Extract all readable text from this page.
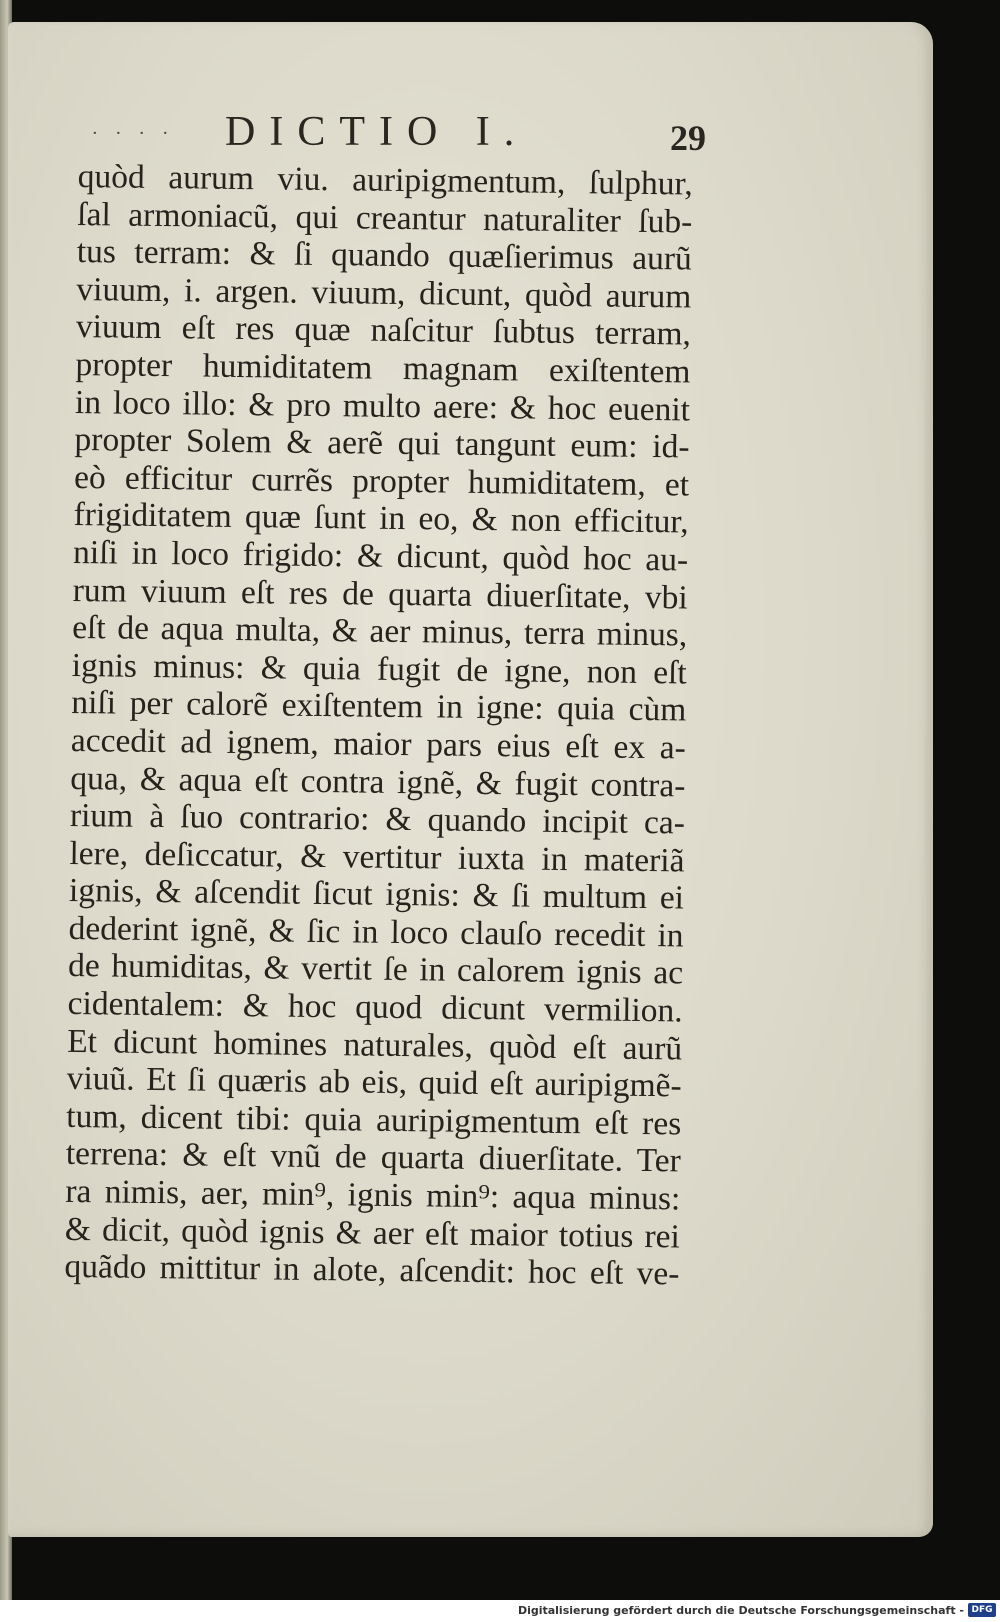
· · · · DICTIO I.	29
quòd aurum viu. auripigmentum, ſulphur,
ſal armoniacũ, qui creantur naturaliter ſub-
tus terram: & ſi quando quæſierimus aurũ
viuum, i. argen. viuum, dicunt, quòd aurum
viuum eſt res quæ naſcitur ſubtus terram,
propter humiditatem magnam exiſtentem
in loco illo: & pro multo aere: & hoc euenit
propter Solem & aerẽ qui tangunt eum: id-
eò efficitur currẽs propter humiditatem, et
frigiditatem quæ ſunt in eo, & non efficitur,
niſi in loco frigido: & dicunt, quòd hoc au-
rum viuum eſt res de quarta diuerſitate, vbi
eſt de aqua multa, & aer minus, terra minus,
ignis minus: & quia fugit de igne, non eſt
niſi per calorẽ exiſtentem in igne: quia cùm
accedit ad ignem, maior pars eius eſt ex a-
qua, & aqua eſt contra ignẽ, & fugit contra-
rium à ſuo contrario: & quando incipit ca-
lere, deſiccatur, & vertitur iuxta in materiã
ignis, & aſcendit ſicut ignis: & ſi multum ei
dederint ignẽ, & ſic in loco clauſo recedit in
de humiditas, & vertit ſe in calorem ignis ac
cidentalem: & hoc quod dicunt vermilion.
Et dicunt homines naturales, quòd eſt aurũ
viuũ. Et ſi quæris ab eis, quid eſt auripigmẽ-
tum, dicent tibi: quia auripigmentum eſt res
terrena: & eſt vnũ de quarta diuerſitate. Ter
ra nimis, aer, min⁹, ignis min⁹: aqua minus:
& dicit, quòd ignis & aer eſt maior totius rei
quãdo mittitur in alote, aſcendit: hoc eſt ve-
Digitalisierung gefördert durch die Deutsche Forschungsgemeinschaft - DFG
